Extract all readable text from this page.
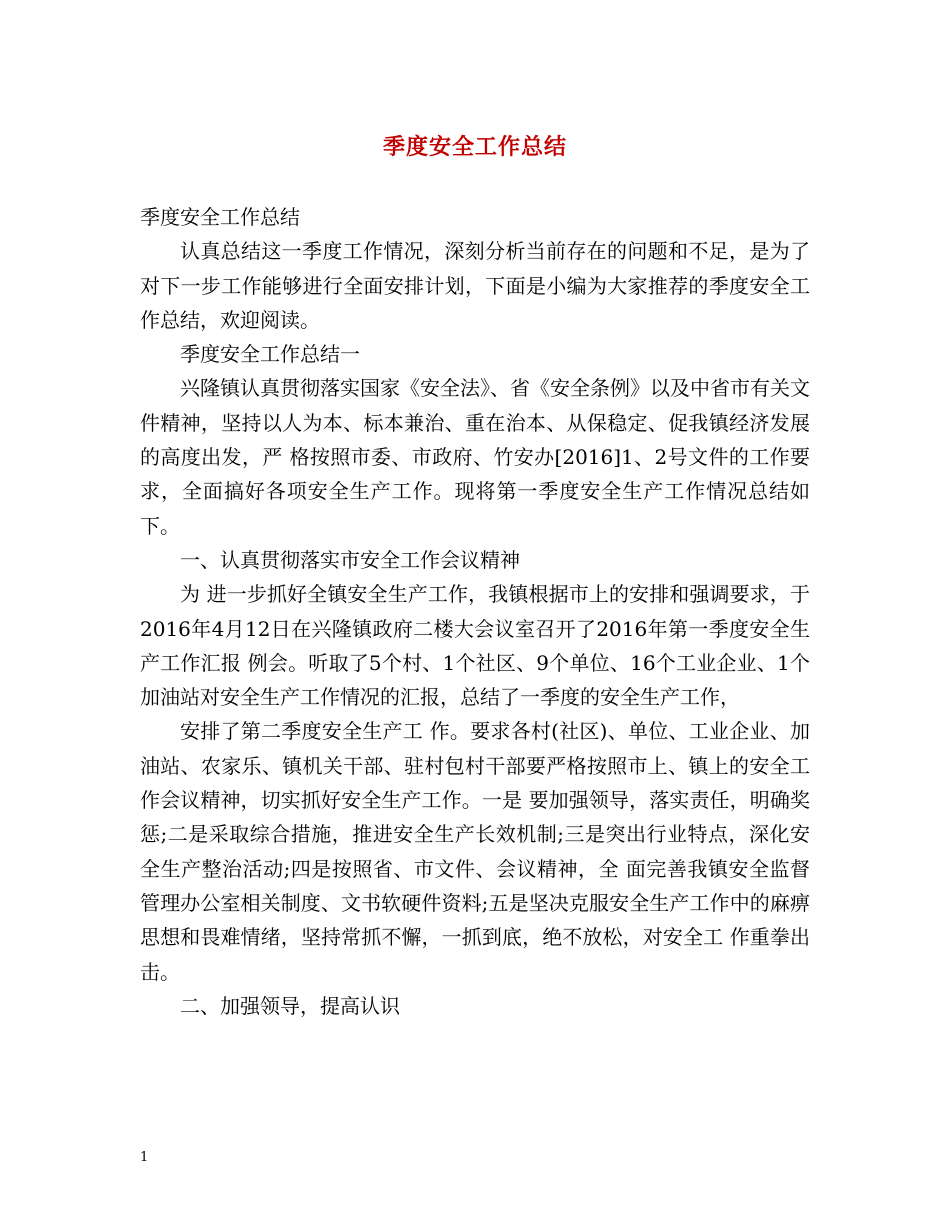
季度安全工作总结

季度安全工作总结

认真总结这一季度工作情况，深刻分析当前存在的问题和不足，是为了对下一步工作能够进行全面安排计划，下面是小编为大家推荐的季度安全工作总结，欢迎阅读。

季度安全工作总结一

兴隆镇认真贯彻落实国家《安全法》、省《安全条例》以及中省市有关文件精神，坚持以人为本、标本兼治、重在治本、从保稳定、促我镇经济发展的高度出发，严 格按照市委、市政府、竹安办[2016]1、2号文件的工作要求，全面搞好各项安全生产工作。现将第一季度安全生产工作情况总结如下。

一、认真贯彻落实市安全工作会议精神

为 进一步抓好全镇安全生产工作，我镇根据市上的安排和强调要求，于2016年4月12日在兴隆镇政府二楼大会议室召开了2016年第一季度安全生产工作汇报 例会。听取了5个村、1个社区、9个单位、16个工业企业、1个加油站对安全生产工作情况的汇报，总结了一季度的安全生产工作，

安排了第二季度安全生产工 作。要求各村(社区)、单位、工业企业、加油站、农家乐、镇机关干部、驻村包村干部要严格按照市上、镇上的安全工作会议精神，切实抓好安全生产工作。一是 要加强领导，落实责任，明确奖惩;二是采取综合措施，推进安全生产长效机制;三是突出行业特点，深化安全生产整治活动;四是按照省、市文件、会议精神，全 面完善我镇安全监督管理办公室相关制度、文书软硬件资料;五是坚决克服安全生产工作中的麻痹思想和畏难情绪，坚持常抓不懈，一抓到底，绝不放松，对安全工 作重拳出击。

二、加强领导，提高认识

1
